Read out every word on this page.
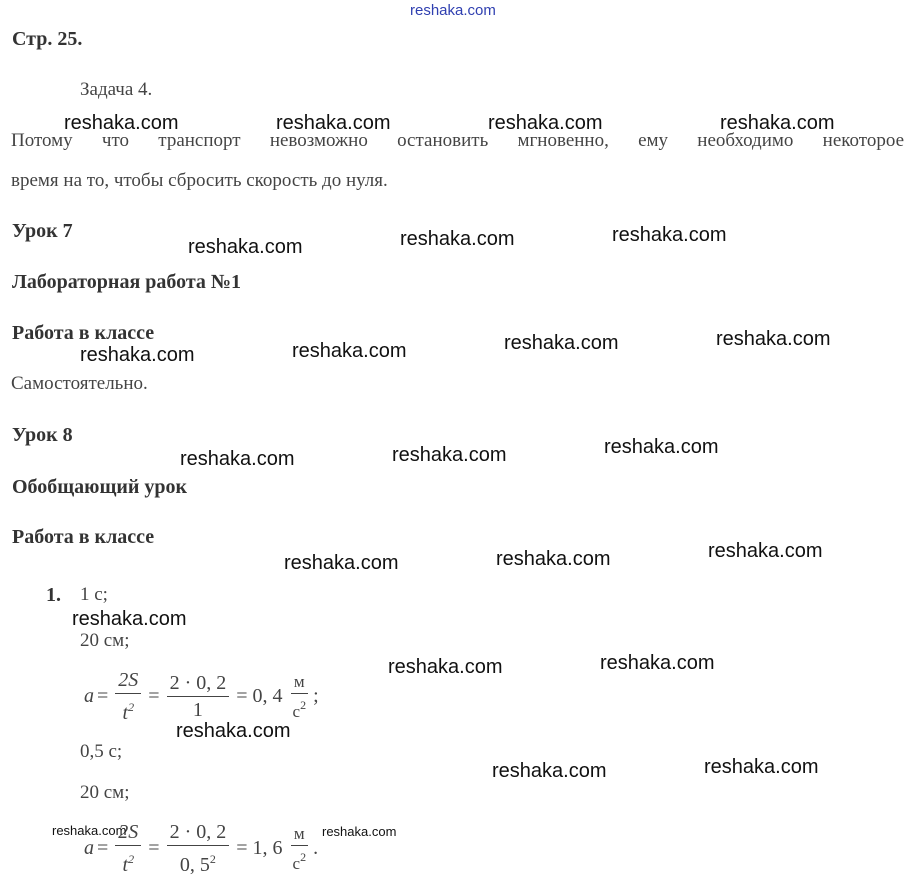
reshaka.com
Стр. 25.
Задача 4.
Потому что транспорт невозможно остановить мгновенно, ему необходимо некоторое
время на то, чтобы сбросить скорость до нуля.
Урок 7
Лабораторная работа №1
Работа в классе
Самостоятельно.
Урок 8
Обобщающий урок
Работа в классе
1. 1 с;
20 см;
$a = \frac{2S}{t^2} = \frac{2 \cdot 0, 2}{1} = 0$, $4 \frac{м}{с^2}$ ;
0,5 с;
20 см;
$a = \frac{2S}{t^2} = \frac{2 \cdot 0, 2}{0, 5^2} = 1$, $6 \frac{м}{с^2}$ .
reshaka.com	reshaka.com	reshaka.com	reshaka.com
reshaka.com	reshaka.com	reshaka.com
reshaka.com	reshaka.com	reshaka.com	reshaka.com
reshaka.com	reshaka.com	reshaka.com
reshaka.com	reshaka.com	reshaka.com
reshaka.com
reshaka.com	reshaka.com
reshaka.com
reshaka.com	reshaka.com
reshaka.com	reshaka.com
